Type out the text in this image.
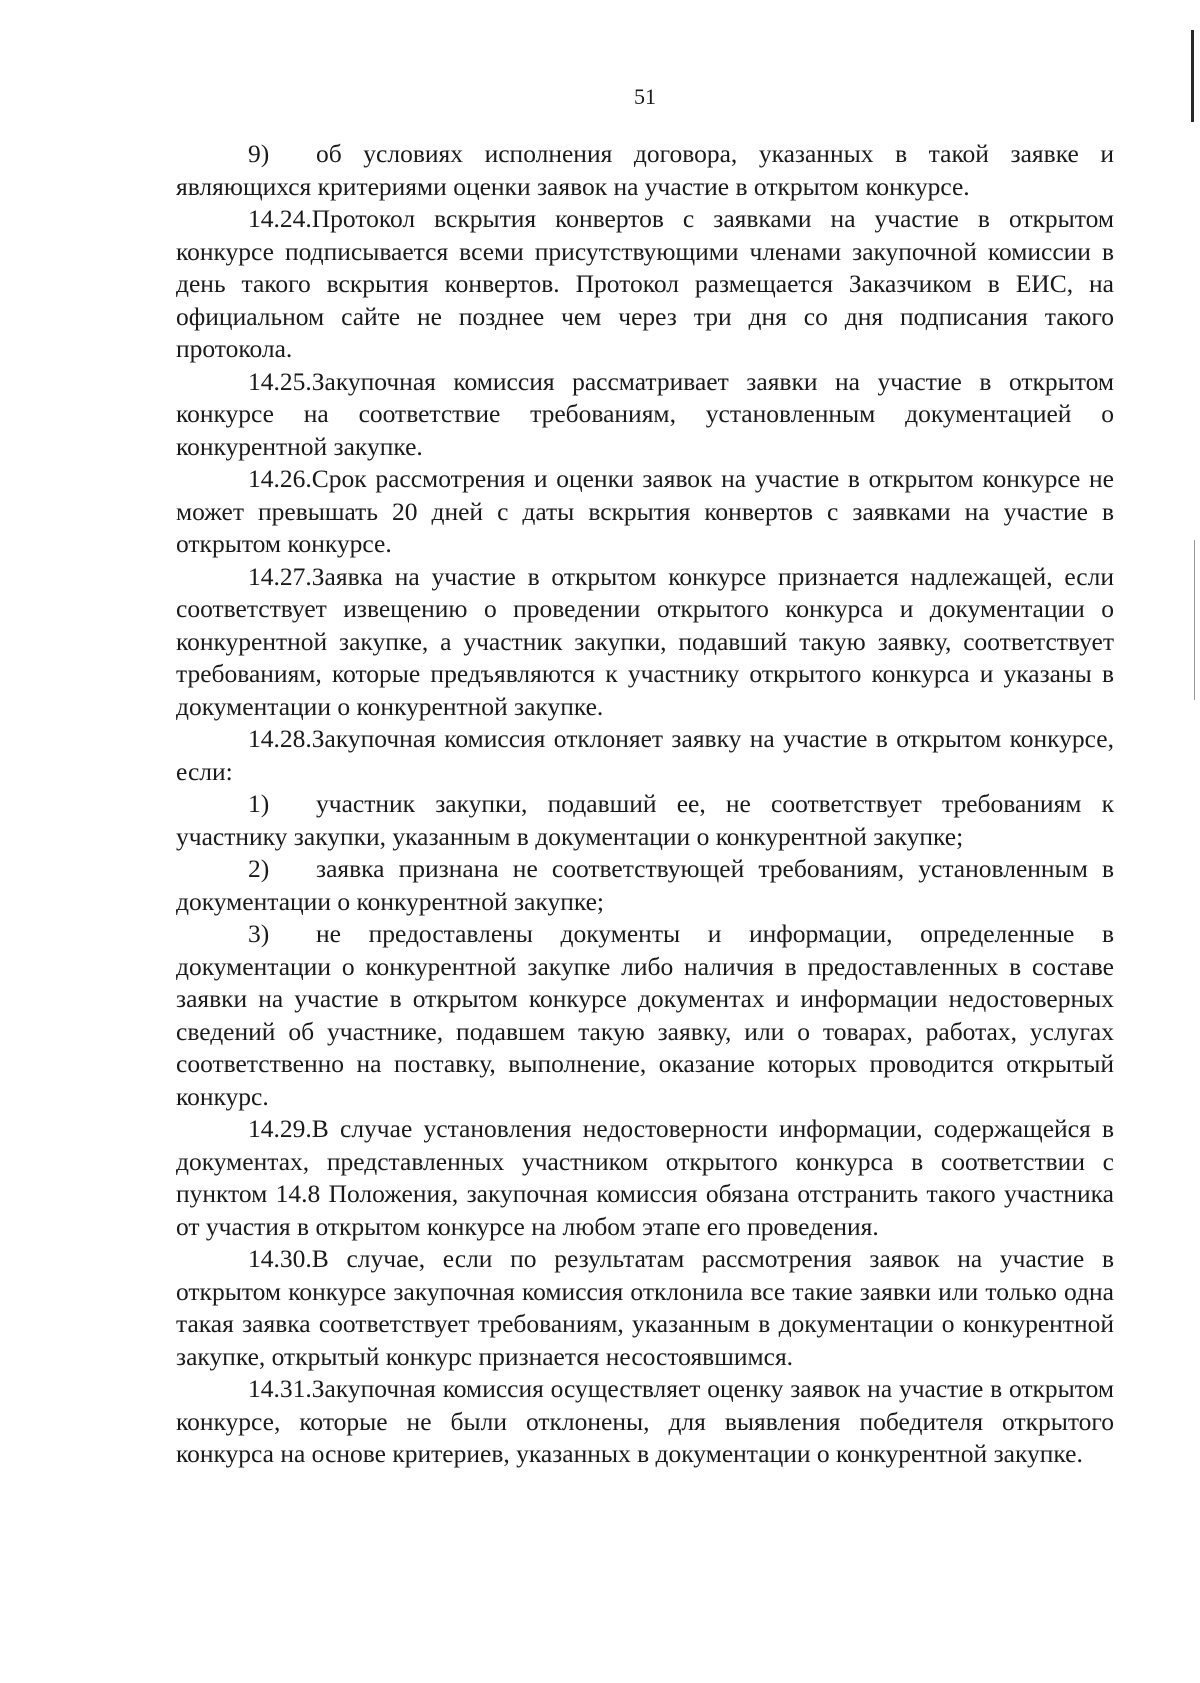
51

9) об условиях исполнения договора, указанных в такой заявке и являющихся критериями оценки заявок на участие в открытом конкурсе.

14.24.Протокол вскрытия конвертов с заявками на участие в открытом конкурсе подписывается всеми присутствующими членами закупочной комиссии в день такого вскрытия конвертов. Протокол размещается Заказчиком в ЕИС, на официальном сайте не позднее чем через три дня со дня подписания такого протокола.

14.25.Закупочная комиссия рассматривает заявки на участие в открытом конкурсе на соответствие требованиям, установленным документацией о конкурентной закупке.

14.26.Срок рассмотрения и оценки заявок на участие в открытом конкурсе не может превышать 20 дней с даты вскрытия конвертов с заявками на участие в открытом конкурсе.

14.27.Заявка на участие в открытом конкурсе признается надлежащей, если соответствует извещению о проведении открытого конкурса и документации о конкурентной закупке, а участник закупки, подавший такую заявку, соответствует требованиям, которые предъявляются к участнику открытого конкурса и указаны в документации о конкурентной закупке.

14.28.Закупочная комиссия отклоняет заявку на участие в открытом конкурсе, если:

1) участник закупки, подавший ее, не соответствует требованиям к участнику закупки, указанным в документации о конкурентной закупке;

2) заявка признана не соответствующей требованиям, установленным в документации о конкурентной закупке;

3) не предоставлены документы и информации, определенные в документации о конкурентной закупке либо наличия в предоставленных в составе заявки на участие в открытом конкурсе документах и информации недостоверных сведений об участнике, подавшем такую заявку, или о товарах, работах, услугах соответственно на поставку, выполнение, оказание которых проводится открытый конкурс.

14.29.В случае установления недостоверности информации, содержащейся в документах, представленных участником открытого конкурса в соответствии с пунктом 14.8 Положения, закупочная комиссия обязана отстранить такого участника от участия в открытом конкурсе на любом этапе его проведения.

14.30.В случае, если по результатам рассмотрения заявок на участие в открытом конкурсе закупочная комиссия отклонила все такие заявки или только одна такая заявка соответствует требованиям, указанным в документации о конкурентной закупке, открытый конкурс признается несостоявшимся.

14.31.Закупочная комиссия осуществляет оценку заявок на участие в открытом конкурсе, которые не были отклонены, для выявления победителя открытого конкурса на основе критериев, указанных в документации о конкурентной закупке.
